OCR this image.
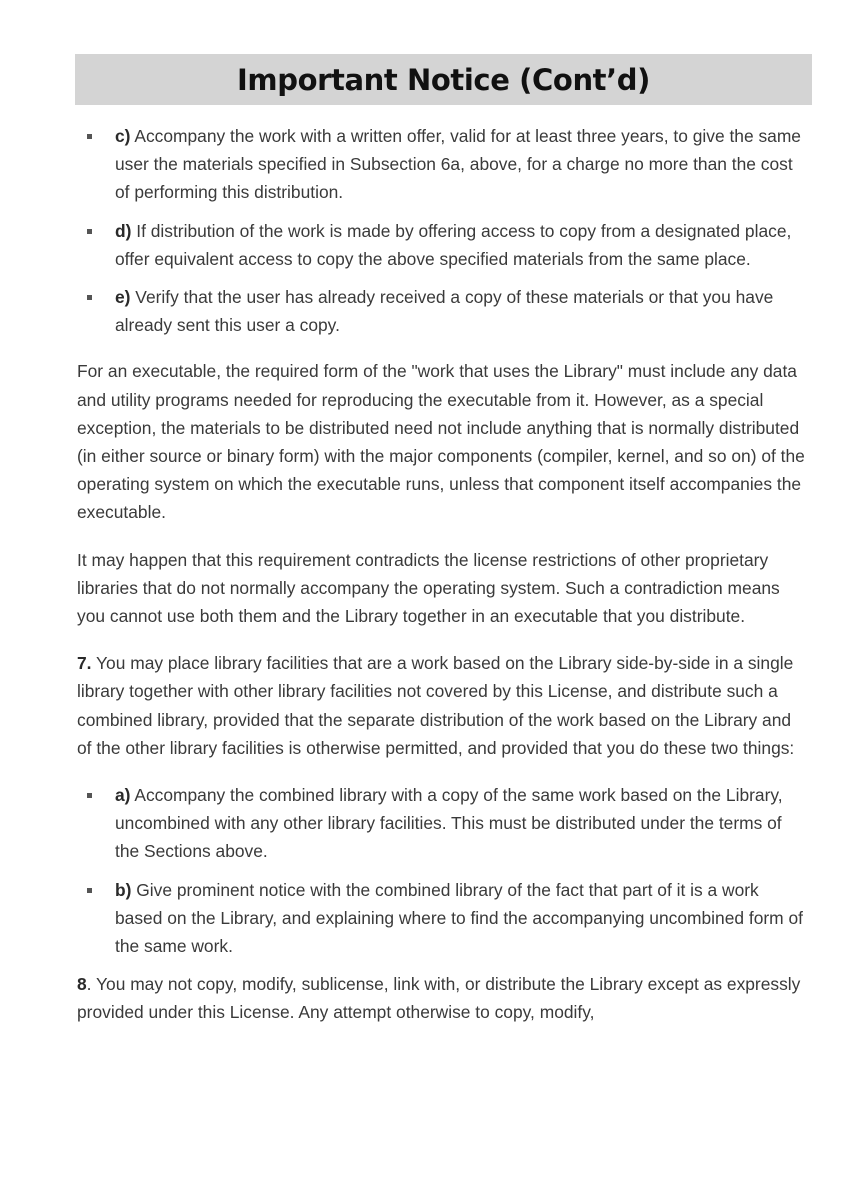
Important Notice (Cont’d)
c) Accompany the work with a written offer, valid for at least three years, to give the same user the materials specified in Subsection 6a, above, for a charge no more than the cost of performing this distribution.
d) If distribution of the work is made by offering access to copy from a designated place, offer equivalent access to copy the above specified materials from the same place.
e) Verify that the user has already received a copy of these materials or that you have already sent this user a copy.

For an executable, the required form of the "work that uses the Library" must include any data and utility programs needed for reproducing the executable from it. However, as a special exception, the materials to be distributed need not include anything that is normally distributed (in either source or binary form) with the major components (compiler, kernel, and so on) of the operating system on which the executable runs, unless that component itself accompanies the executable.

It may happen that this requirement contradicts the license restrictions of other proprietary libraries that do not normally accompany the operating system. Such a contradiction means you cannot use both them and the Library together in an executable that you distribute.

7. You may place library facilities that are a work based on the Library side-by-side in a single library together with other library facilities not covered by this License, and distribute such a combined library, provided that the separate distribution of the work based on the Library and of the other library facilities is otherwise permitted, and provided that you do these two things:

a) Accompany the combined library with a copy of the same work based on the Library, uncombined with any other library facilities. This must be distributed under the terms of the Sections above.
b) Give prominent notice with the combined library of the fact that part of it is a work based on the Library, and explaining where to find the accompanying uncombined form of the same work.

8. You may not copy, modify, sublicense, link with, or distribute the Library except as expressly provided under this License. Any attempt otherwise to copy, modify,
